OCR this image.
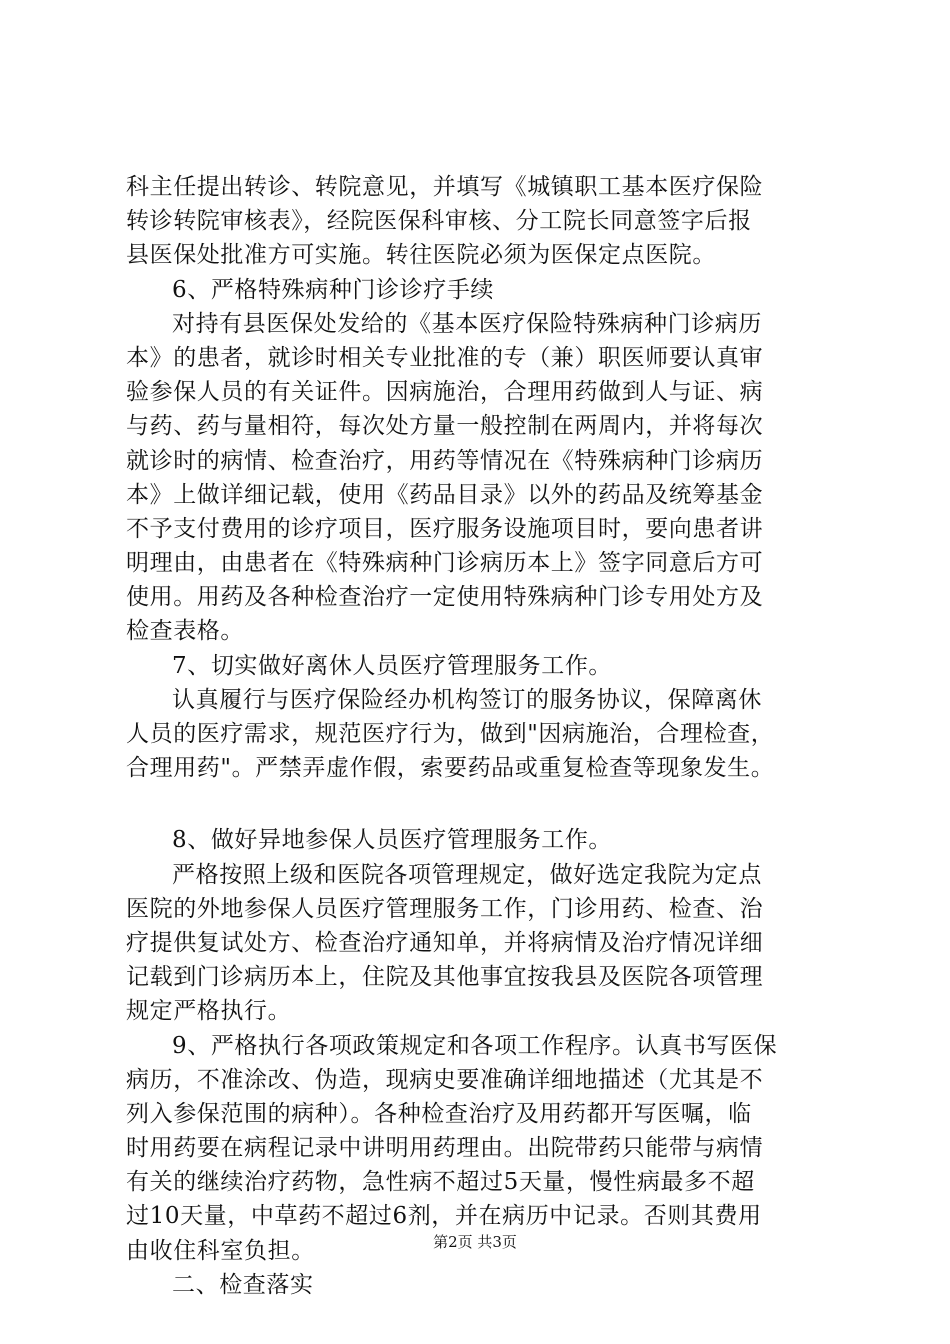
科主任提出转诊、转院意见，并填写《城镇职工基本医疗保险
转诊转院审核表》，经院医保科审核、分工院长同意签字后报
县医保处批准方可实施。转往医院必须为医保定点医院。
6、严格特殊病种门诊诊疗手续
对持有县医保处发给的《基本医疗保险特殊病种门诊病历
本》的患者，就诊时相关专业批准的专（兼）职医师要认真审
验参保人员的有关证件。因病施治，合理用药做到人与证、病
与药、药与量相符，每次处方量一般控制在两周内，并将每次
就诊时的病情、检查治疗，用药等情况在《特殊病种门诊病历
本》上做详细记载，使用《药品目录》以外的药品及统筹基金
不予支付费用的诊疗项目，医疗服务设施项目时，要向患者讲
明理由，由患者在《特殊病种门诊病历本上》签字同意后方可
使用。用药及各种检查治疗一定使用特殊病种门诊专用处方及
检查表格。
7、切实做好离休人员医疗管理服务工作。
认真履行与医疗保险经办机构签订的服务协议，保障离休
人员的医疗需求，规范医疗行为，做到"因病施治，合理检查，
合理用药"。严禁弄虚作假，索要药品或重复检查等现象发生。
8、做好异地参保人员医疗管理服务工作。
严格按照上级和医院各项管理规定，做好选定我院为定点
医院的外地参保人员医疗管理服务工作，门诊用药、检查、治
疗提供复试处方、检查治疗通知单，并将病情及治疗情况详细
记载到门诊病历本上，住院及其他事宜按我县及医院各项管理
规定严格执行。
9、严格执行各项政策规定和各项工作程序。认真书写医保
病历，不准涂改、伪造，现病史要准确详细地描述（尤其是不
列入参保范围的病种）。各种检查治疗及用药都开写医嘱，临
时用药要在病程记录中讲明用药理由。出院带药只能带与病情
有关的继续治疗药物，急性病不超过5天量，慢性病最多不超
过10天量，中草药不超过6剂，并在病历中记录。否则其费用
由收住科室负担。
二、检查落实
第2页 共3页
